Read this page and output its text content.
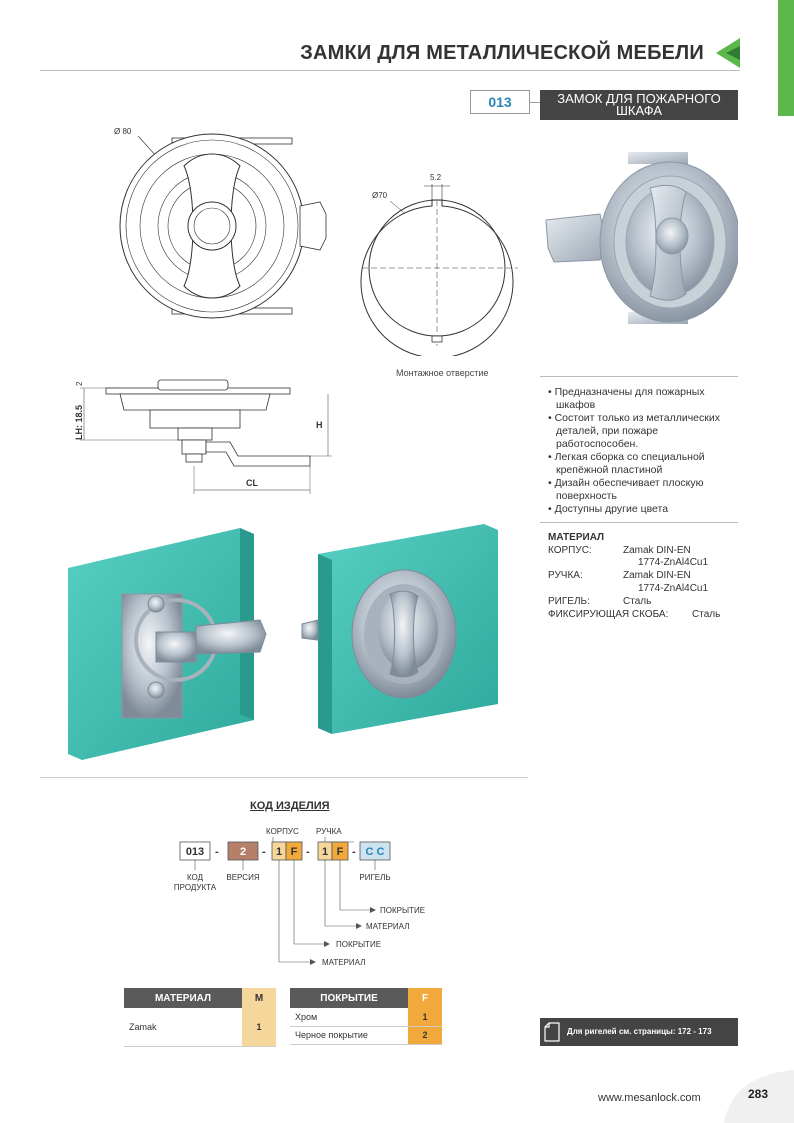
ЗАМКИ ДЛЯ МЕТАЛЛИЧЕСКОЙ МЕБЕЛИ
013	ЗАМОК ДЛЯ ПОЖАРНОГО
ШКАФА
Ø 80
5.2
Ø70
Монтажное отверстие
2
LH: 18.5	H
CL
• Предназначены для пожарных шкафов
• Состоит только из металлических деталей, при пожаре работоспособен.
• Легкая сборка со специальной крепёжной пластиной
• Дизайн обеспечивает плоскую поверхность
• Доступны другие цвета
МАТЕРИАЛ
КОРПУС:	Zamak DIN-EN
1774-ZnAl4Cu1
РУЧКА:	Zamak DIN-EN
1774-ZnAl4Cu1
РИГЕЛЬ:	Сталь
ФИКСИРУЮЩАЯ СКОБА: Сталь
КОД ИЗДЕЛИЯ
КОРПУС РУЧКА
013 - 2 - 1 F - 1 F - C C
КОД
ПРОДУКТА
ВЕРСИЯ	РИГЕЛЬ
ПОКРЫТИЕ
МАТЕРИАЛ
ПОКРЫТИЕ
МАТЕРИАЛ
МАТЕРИАЛ	M
Zamak	1
ПОКРЫТИЕ	F
Хром	1
Черное покрытие	2	Для ригелей см. страницы: 172 - 173
www.mesanlock.com	283
